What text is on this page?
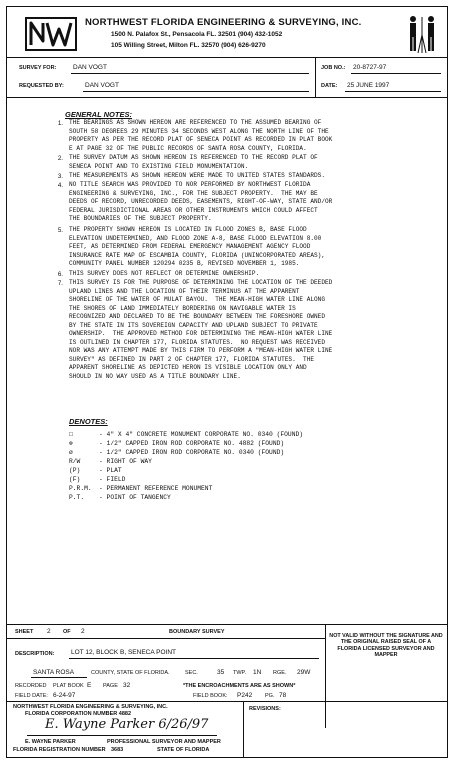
NORTHWEST FLORIDA ENGINEERING & SURVEYING, INC.
1500 N. Palafox St., Pensacola FL. 32501 (904) 432-1052
105 Willing Street, Milton FL. 32570 (904) 626-9270
SURVEY FOR:	DAN VOGT
REQUESTED BY:	DAN VOGT
JOB NO.: 20-8727-97
DATE: 25 JUNE 1997
GENERAL NOTES:
1. THE BEARINGS AS SHOWN HEREON ARE REFERENCED TO THE ASSUMED BEARING OF
SOUTH 58 DEGREES 29 MINUTES 34 SECONDS WEST ALONG THE NORTH LINE OF THE
PROPERTY AS PER THE RECORD PLAT OF SENECA POINT AS RECORDED IN PLAT BOOK
E AT PAGE 32 OF THE PUBLIC RECORDS OF SANTA ROSA COUNTY, FLORIDA.
2. THE SURVEY DATUM AS SHOWN HEREON IS REFERENCED TO THE RECORD PLAT OF
SENECA POINT AND TO EXISTING FIELD MONUMENTATION.
3. THE MEASUREMENTS AS SHOWN HEREON WERE MADE TO UNITED STATES STANDARDS.
4. NO TITLE SEARCH WAS PROVIDED TO NOR PERFORMED BY NORTHWEST FLORIDA
ENGINEERING & SURVEYING, INC., FOR THE SUBJECT PROPERTY.  THE MAY BE
DEEDS OF RECORD, UNRECORDED DEEDS, EASEMENTS, RIGHT-OF-WAY, STATE AND/OR
FEDERAL JURISDICTIONAL AREAS OR OTHER INSTRUMENTS WHICH COULD AFFECT
THE BOUNDARIES OF THE SUBJECT PROPERTY.
5. THE PROPERTY SHOWN HEREON IS LOCATED IN FLOOD ZONES B, BASE FLOOD
ELEVATION UNDETERMINED, AND FLOOD ZONE A-8, BASE FLOOD ELEVATION 8.00
FEET, AS DETERMINED FROM FEDERAL EMERGENCY MANAGEMENT AGENCY FLOOD
INSURANCE RATE MAP OF ESCAMBIA COUNTY, FLORIDA (UNINCORPORATED AREAS),
COMMUNITY PANEL NUMBER 120294 0235 B, REVISED NOVEMBER 1, 1985.
6. THIS SURVEY DOES NOT REFLECT OR DETERMINE OWNERSHIP.
7. THIS SURVEY IS FOR THE PURPOSE OF DETERMINING THE LOCATION OF THE DEEDED
UPLAND LINES AND THE LOCATION OF THEIR TERMINUS AT THE APPARENT
SHORELINE OF THE WATER OF MULAT BAYOU.  THE MEAN-HIGH WATER LINE ALONG
THE SHORES OF LAND IMMEDIATELY BORDERING ON NAVIGABLE WATER IS
RECOGNIZED AND DECLARED TO BE THE BOUNDARY BETWEEN THE FORESHORE OWNED
BY THE STATE IN ITS SOVEREIGN CAPACITY AND UPLAND SUBJECT TO PRIVATE
OWNERSHIP.  THE APPROVED METHOD FOR DETERMINING THE MEAN-HIGH WATER LINE
IS OUTLINED IN CHAPTER 177, FLORIDA STATUTES.  NO REQUEST WAS RECEIVED
NOR WAS ANY ATTEMPT MADE BY THIS FIRM TO PERFORM A "MEAN-HIGH WATER LINE
SURVEY" AS DEFINED IN PART 2 OF CHAPTER 177, FLORIDA STATUTES.  THE
APPARENT SHORELINE AS DEPICTED HERON IS VISIBLE LOCATION ONLY AND
SHOULD IN NO WAY USED AS A TITLE BOUNDARY LINE.
DENOTES:
□	- 4" X 4" CONCRETE MONUMENT CORPORATE NO. 0340 (FOUND)
⊗	- 1/2" CAPPED IRON ROD CORPORATE NO. 4882 (FOUND)
ø	- 1/2" CAPPED IRON ROD CORPORATE NO. 0340 (FOUND)
R/W	- RIGHT OF WAY
(P)	- PLAT
(F)	- FIELD
P.R.M.	- PERMANENT REFERENCE MONUMENT
P.T.	- POINT OF TANGENCY
SHEET 2 OF 2	BOUNDARY SURVEY
NOT VALID WITHOUT THE SIGNATURE AND THE ORIGINAL RAISED SEAL OF A FLORIDA LICENSED SURVEYOR AND MAPPER
DESCRIPTION:	LOT 12, BLOCK B, SENECA POINT
SANTA ROSA	COUNTY, STATE OF FLORIDA.	SEC.	35 TWP. 1N RGE. 29W
RECORDED PLAT BOOK E PAGE 32	*THE ENCROACHMENTS ARE AS SHOWN*
FIELD DATE: 6-24-97	FIELD BOOK: P242 PG. 78
NORTHWEST FLORIDA ENGINEERING & SURVEYING, INC.
FLORIDA CORPORATION NUMBER 4882
E. Wayne Parker 6/26/97
E. WAYNE PARKER	PROFESSIONAL SURVEYOR AND MAPPER
FLORIDA REGISTRATION NUMBER 3683	STATE OF FLORIDA
REVISIONS:
